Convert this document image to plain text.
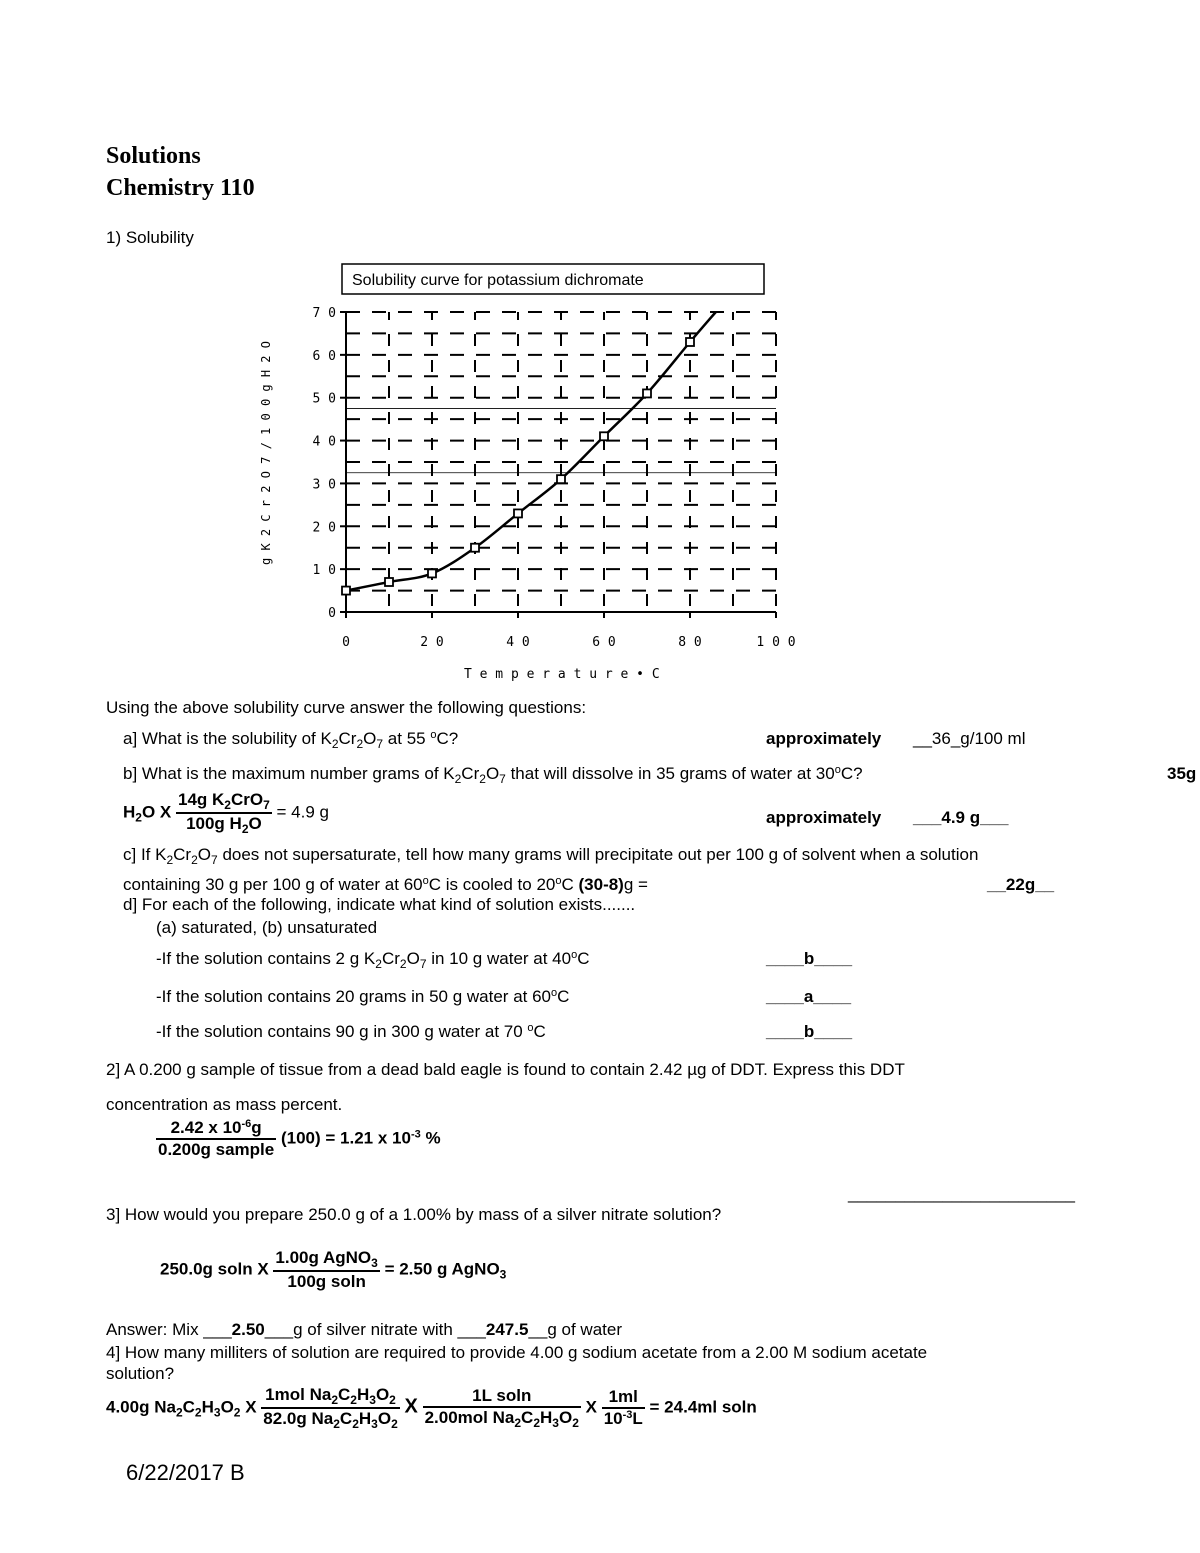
Solutions
Chemistry 110
1) Solubility
0
1 0
2 0
3 0
4 0
5 0
6 0
7 0
0	2 0	4 0	6 0	8 0	1 0 0
Solubility curve for potassium dichromate
T e m p e r a t u r e • C
g K 2 C r 2 O 7 / 1 0 0 g H 2 O
Using the above solubility curve answer the following questions:
a] What is the solubility of $K_2Cr_2O_7$ at 55 $^o$C?	approximately __36_g/100 ml
b] What is the maximum number grams of $K_2Cr_2O_7$ that will dissolve in 35 grams of water at 30$^o$C?	35g
$H_2O$ X $\frac{14g K_2CrO_7}{100g H_2O} = 4.9$ g	approximately ___4.9 g___
c] If $K_2Cr_2O_7$ does not supersaturate, tell how many grams will precipitate out per 100 g of solvent when a solution
containing 30 g per 100 g of water at 60$^o$C is cooled to 20$^o$C (30-8)g =	__22g__
d] For each of the following, indicate what kind of solution exists.......
(a) saturated, (b) unsaturated
-If the solution contains 2 g $K_2Cr_2O_7$ in 10 g water at 40$^o$C	____b____
-If the solution contains 20 grams in 50 g water at 60$^o$C	____a____
-If the solution contains 90 g in 300 g water at 70 $^o$C	____b____
2] A 0.200 g sample of tissue from a dead bald eagle is found to contain 2.42 µg of DDT. Express this DDT
concentration as mass percent.
$\frac{2.42 x 10^{-6}g}{\text{0.200g sample}} (100) = 1.21$ x $10^{-3}$ %
________________________
3] How would you prepare 250.0 g of a 1.00% by mass of a silver nitrate solution?
250.0g soln X $\frac{1.00g AgNO_3}{\text{100g soln}} = 2.50$ g AgNO$_3$
Answer: Mix ___2.50___g of silver nitrate with ___247.5__g of water
4] How many milliters of solution are required to provide 4.00 g sodium acetate from a 2.00 M sodium acetate
solution?
4.00g $Na_2C_2H_3O_2$ X $\frac{1mol Na_2C_2H_3O_2}{82.0g Na_2C_2H_3O_2}$ X $\frac{\text{1L soln}}{2.00mol Na_2C_2H_3O_2}$ X $\frac{1ml}{10^{-3}L} = 24.4ml$ soln
6/22/2017 B
